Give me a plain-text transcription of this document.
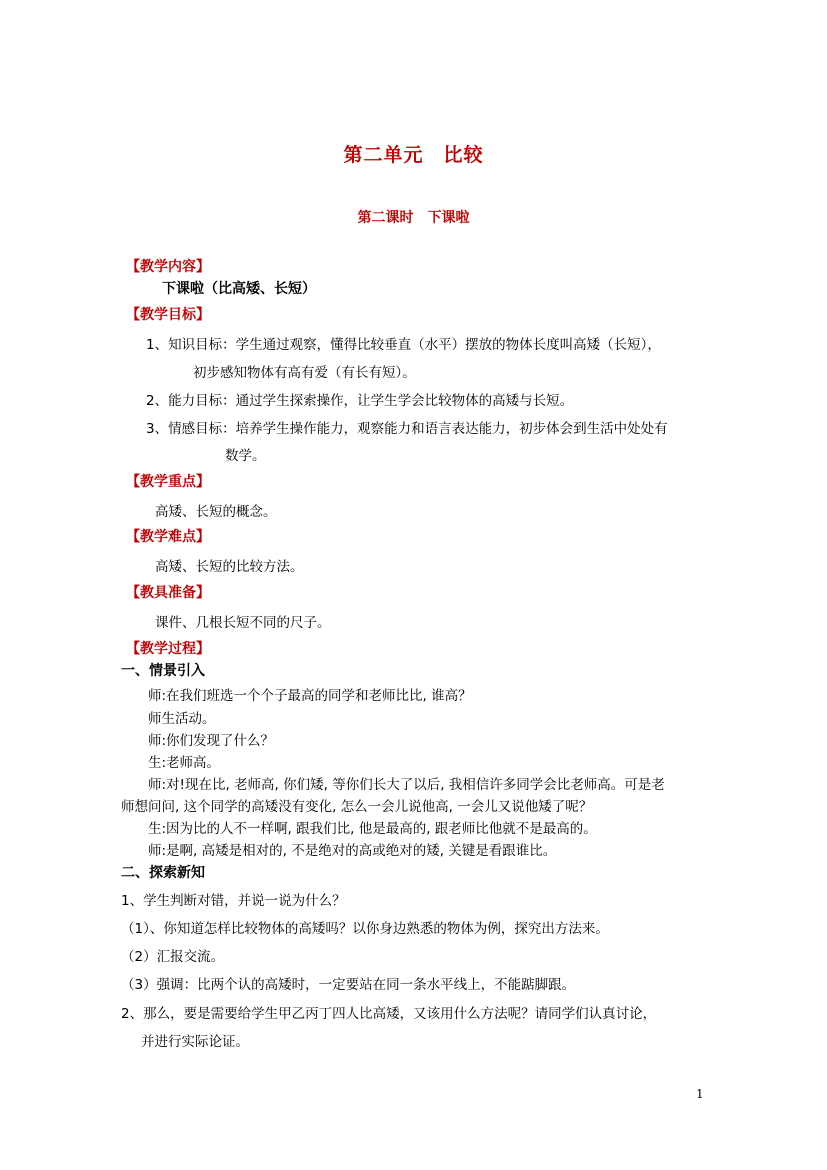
第二单元　比较
第二课时　下课啦
【教学内容】
下课啦（比高矮、长短）
【教学目标】
1、知识目标：学生通过观察，懂得比较垂直（水平）摆放的物体长度叫高矮（长短），
初步感知物体有高有爱（有长有短）。
2、能力目标：通过学生探索操作，让学生学会比较物体的高矮与长短。
3、情感目标：培养学生操作能力，观察能力和语言表达能力，初步体会到生活中处处有
数学。
【教学重点】
高矮、长短的概念。
【教学难点】
高矮、长短的比较方法。
【教具准备】
课件、几根长短不同的尺子。
【教学过程】
一、情景引入
师:在我们班选一个个子最高的同学和老师比比, 谁高？
师生活动。
师:你们发现了什么？
生:老师高。
师:对!现在比, 老师高, 你们矮, 等你们长大了以后, 我相信许多同学会比老师高。可是老
师想问问, 这个同学的高矮没有变化, 怎么一会儿说他高, 一会儿又说他矮了呢？
生:因为比的人不一样啊, 跟我们比, 他是最高的, 跟老师比他就不是最高的。
师:是啊, 高矮是相对的, 不是绝对的高或绝对的矮, 关键是看跟谁比。
二、探索新知
1、学生判断对错，并说一说为什么？
（1）、你知道怎样比较物体的高矮吗？以你身边熟悉的物体为例，探究出方法来。
（2）汇报交流。
（3）强调：比两个认的高矮时，一定要站在同一条水平线上，不能踮脚跟。
2、那么，要是需要给学生甲乙丙丁四人比高矮，又该用什么方法呢？请同学们认真讨论，
并进行实际论证。
1
